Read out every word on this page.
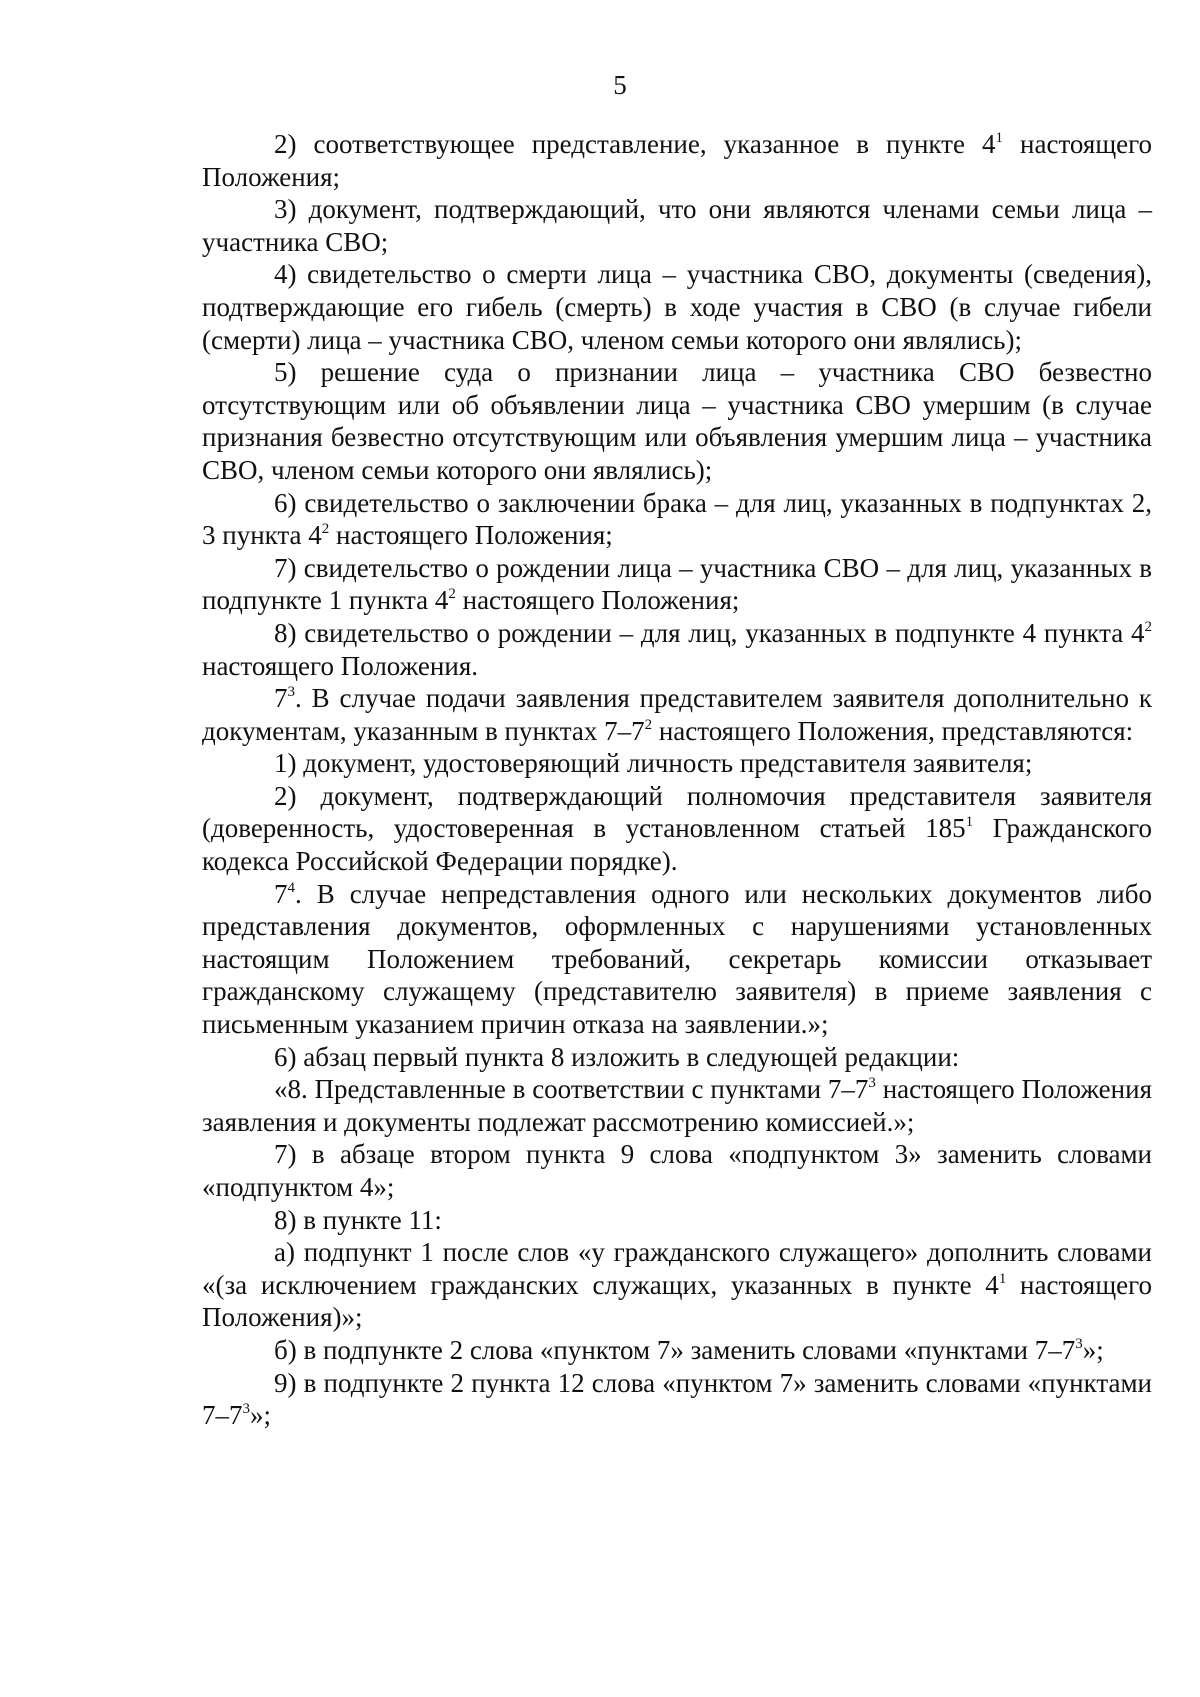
5

2) соответствующее представление, указанное в пункте $4^1$ настоящего Положения;

3) документ, подтверждающий, что они являются членами семьи лица – участника СВО;

4) свидетельство о смерти лица – участника СВО, документы (сведения), подтверждающие его гибель (смерть) в ходе участия в СВО (в случае гибели (смерти) лица – участника СВО, членом семьи которого они являлись);

5) решение суда о признании лица – участника СВО безвестно отсутствующим или об объявлении лица – участника СВО умершим (в случае признания безвестно отсутствующим или объявления умершим лица – участника СВО, членом семьи которого они являлись);

6) свидетельство о заключении брака – для лиц, указанных в подпунктах 2, 3 пункта $4^2$ настоящего Положения;

7) свидетельство о рождении лица – участника СВО – для лиц, указанных в подпункте 1 пункта $4^2$ настоящего Положения;

8) свидетельство о рождении – для лиц, указанных в подпункте 4 пункта $4^2$ настоящего Положения.

$7^3$. В случае подачи заявления представителем заявителя дополнительно к документам, указанным в пунктах $7-7^2$ настоящего Положения, представляются:

1) документ, удостоверяющий личность представителя заявителя;

2) документ, подтверждающий полномочия представителя заявителя (доверенность, удостоверенная в установленном статьей $185^1$ Гражданского кодекса Российской Федерации порядке).

$7^4$. В случае непредставления одного или нескольких документов либо представления документов, оформленных с нарушениями установленных настоящим Положением требований, секретарь комиссии отказывает гражданскому служащему (представителю заявителя) в приеме заявления с письменным указанием причин отказа на заявлении.»;

6) абзац первый пункта 8 изложить в следующей редакции:

«8. Представленные в соответствии с пунктами $7-7^3$ настоящего Положения заявления и документы подлежат рассмотрению комиссией.»;

7) в абзаце втором пункта 9 слова «подпунктом 3» заменить словами «подпунктом 4»;

8) в пункте 11:

а) подпункт 1 после слов «у гражданского служащего» дополнить словами «(за исключением гражданских служащих, указанных в пункте $4^1$ настоящего Положения)»;

б) в подпункте 2 слова «пунктом 7» заменить словами «пунктами $7-7^3$»;

9) в подпункте 2 пункта 12 слова «пунктом 7» заменить словами «пунктами $7-7^3$»;
